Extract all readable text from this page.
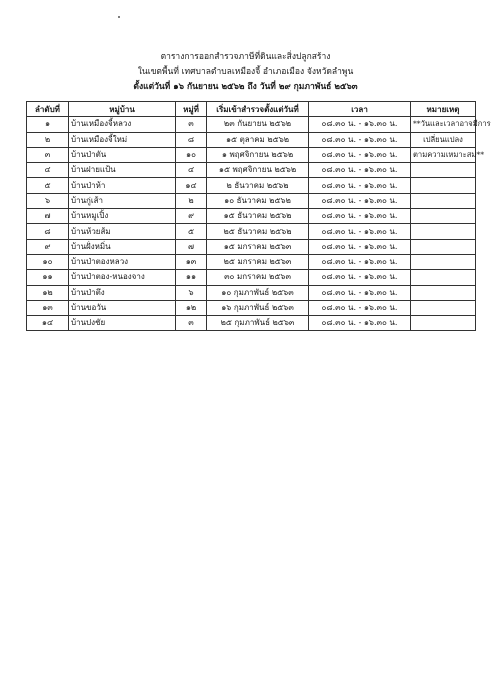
ตารางการออกสำรวจภาษีที่ดินและสิ่งปลูกสร้าง
ในเขตพื้นที่ เทศบาลตำบลเหมืองจี้ อำเภอเมือง จังหวัดลำพูน
ตั้งแต่วันที่ ๑๖ กันยายน ๒๕๖๒ ถึง วันที่ ๒๙ กุมภาพันธ์ ๒๕๖๓
ลำดับที่	หมู่บ้าน	หมู่ที่	เริ่มเข้าสำรวจตั้งแต่วันที่	เวลา	หมายเหตุ
๑	บ้านเหมืองจี้หลวง	๓	๒๓ กันยายน ๒๕๖๒	๐๘.๓๐ น. - ๑๖.๓๐ น.	**วันและเวลาอาจมีการ
๒	บ้านเหมืองจี้ใหม่	๘	๑๕ ตุลาคม ๒๕๖๒	๐๘.๓๐ น. - ๑๖.๓๐ น.	เปลี่ยนแปลง
๓	บ้านป่าตัน	๑๐	๑ พฤศจิกายน ๒๕๖๒	๐๘.๓๐ น. - ๑๖.๓๐ น.	ตามความเหมาะสม**
๔	บ้านฝายแป้น	๔	๑๕ พฤศจิกายน ๒๕๖๒	๐๘.๓๐ น. - ๑๖.๓๐ น.	
๕	บ้านป่าห้า	๑๔	๒ ธันวาคม ๒๕๖๒	๐๘.๓๐ น. - ๑๖.๓๐ น.	
๖	บ้านกู่เส้า	๒	๑๐ ธันวาคม ๒๕๖๒	๐๘.๓๐ น. - ๑๖.๓๐ น.	
๗	บ้านหมูเปิ้ง	๙	๑๕ ธันวาคม ๒๕๖๒	๐๘.๓๐ น. - ๑๖.๓๐ น.	
๘	บ้านห้วยส้ม	๕	๒๕ ธันวาคม ๒๕๖๒	๐๘.๓๐ น. - ๑๖.๓๐ น.	
๙	บ้านฝั่งหมิ่น	๗	๑๕ มกราคม ๒๕๖๓	๐๘.๓๐ น. - ๑๖.๓๐ น.	
๑๐	บ้านป่าตองหลวง	๑๓	๒๕ มกราคม ๒๕๖๓	๐๘.๓๐ น. - ๑๖.๓๐ น.	
๑๑	บ้านป่าตอง-หนองจาง	๑๑	๓๐ มกราคม ๒๕๖๓	๐๘.๓๐ น. - ๑๖.๓๐ น.	
๑๒	บ้านป่าตึง	๖	๑๐ กุมภาพันธ์ ๒๕๖๓	๐๘.๓๐ น. - ๑๖.๓๐ น.	
๑๓	บ้านขอวัน	๑๒	๑๖ กุมภาพันธ์ ๒๕๖๓	๐๘.๓๐ น. - ๑๖.๓๐ น.	
๑๔	บ้านปงชัย	๓	๒๕ กุมภาพันธ์ ๒๕๖๓	๐๘.๓๐ น. - ๑๖.๓๐ น.	
